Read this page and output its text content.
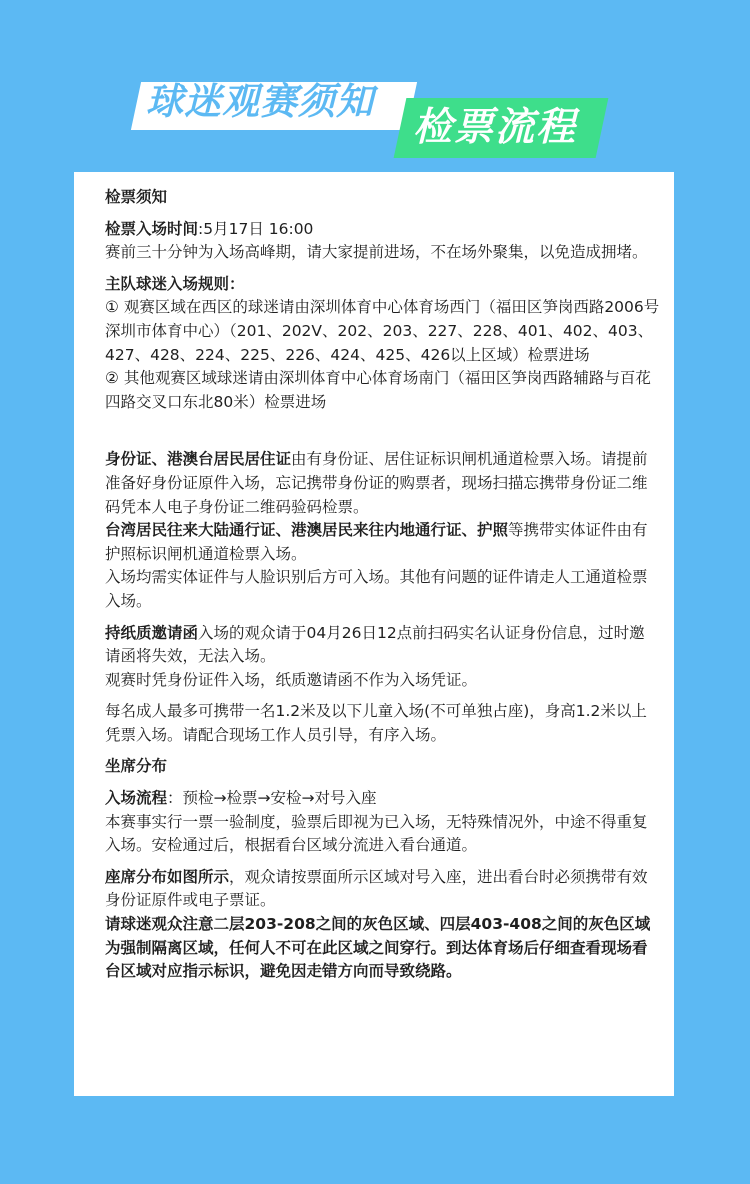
球迷观赛须知
检票流程

检票须知

检票入场时间:5月17日 16:00

赛前三十分钟为入场高峰期，请大家提前进场，不在场外聚集，以免造成拥堵。

主队球迷入场规则：

① 观赛区域在西区的球迷请由深圳体育中心体育场西门（福田区笋岗西路2006号深圳市体育中心）（201、202V、202、203、227、228、401、402、403、427、428、224、225、226、424、425、426以上区域）检票进场

② 其他观赛区域球迷请由深圳体育中心体育场南门（福田区笋岗西路辅路与百花四路交叉口东北80米）检票进场

身份证、港澳台居民居住证由有身份证、居住证标识闸机通道检票入场。请提前准备好身份证原件入场，忘记携带身份证的购票者，现场扫描忘携带身份证二维码凭本人电子身份证二维码验码检票。

台湾居民往来大陆通行证、港澳居民来往内地通行证、护照等携带实体证件由有护照标识闸机通道检票入场。

入场均需实体证件与人脸识别后方可入场。其他有问题的证件请走人工通道检票入场。

持纸质邀请函入场的观众请于04月26日12点前扫码实名认证身份信息，过时邀请函将失效，无法入场。

观赛时凭身份证件入场，纸质邀请函不作为入场凭证。

每名成人最多可携带一名1.2米及以下儿童入场(不可单独占座)，身高1.2米以上凭票入场。请配合现场工作人员引导，有序入场。

坐席分布

入场流程：预检→检票→安检→对号入座

本赛事实行一票一验制度，验票后即视为已入场，无特殊情况外，中途不得重复入场。安检通过后，根据看台区域分流进入看台通道。

座席分布如图所示，观众请按票面所示区域对号入座，进出看台时必须携带有效身份证原件或电子票证。

请球迷观众注意二层203-208之间的灰色区域、四层403-408之间的灰色区域为强制隔离区域，任何人不可在此区域之间穿行。到达体育场后仔细查看现场看台区域对应指示标识，避免因走错方向而导致绕路。
